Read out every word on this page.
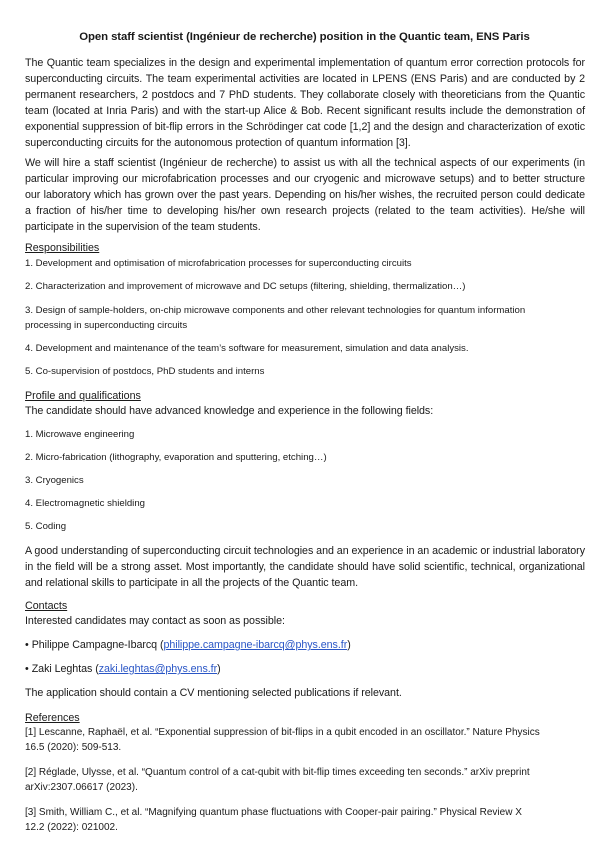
Open staff scientist (Ingénieur de recherche) position in the Quantic team, ENS Paris

The Quantic team specializes in the design and experimental implementation of quantum error correction protocols for superconducting circuits. The team experimental activities are located in LPENS (ENS Paris) and are conducted by 2 permanent researchers, 2 postdocs and 7 PhD students. They collaborate closely with theoreticians from the Quantic team (located at Inria Paris) and with the start-up Alice & Bob. Recent significant results include the demonstration of exponential suppression of bit-flip errors in the Schrödinger cat code [1,2] and the design and characterization of exotic superconducting circuits for the autonomous protection of quantum information [3].

We will hire a staff scientist (Ingénieur de recherche) to assist us with all the technical aspects of our experiments (in particular improving our microfabrication processes and our cryogenic and microwave setups) and to better structure our laboratory which has grown over the past years. Depending on his/her wishes, the recruited person could dedicate a fraction of his/her time to developing his/her own research projects (related to the team activities). He/she will participate in the supervision of the team students.

Responsibilities

1. Development and optimisation of microfabrication processes for superconducting circuits

2. Characterization and improvement of microwave and DC setups (filtering, shielding, thermalization…)

3. Design of sample-holders, on-chip microwave components and other relevant technologies for quantum information

processing in superconducting circuits

4. Development and maintenance of the team’s software for measurement, simulation and data analysis.

5. Co-supervision of postdocs, PhD students and interns

Profile and qualifications

The candidate should have advanced knowledge and experience in the following fields:

1. Microwave engineering

2. Micro-fabrication (lithography, evaporation and sputtering, etching…)

3. Cryogenics

4. Electromagnetic shielding

5. Coding

A good understanding of superconducting circuit technologies and an experience in an academic or industrial laboratory in the field will be a strong asset. Most importantly, the candidate should have solid scientific, technical, organizational and relational skills to participate in all the projects of the Quantic team.

Contacts

Interested candidates may contact as soon as possible:

• Philippe Campagne-Ibarcq (philippe.campagne-ibarcq@phys.ens.fr)

• Zaki Leghtas (zaki.leghtas@phys.ens.fr)

The application should contain a CV mentioning selected publications if relevant.

References

[1] Lescanne, Raphaël, et al. “Exponential suppression of bit-flips in a qubit encoded in an oscillator.” Nature Physics

16.5 (2020): 509-513.

[2] Réglade, Ulysse, et al. “Quantum control of a cat-qubit with bit-flip times exceeding ten seconds.” arXiv preprint

arXiv:2307.06617 (2023).

[3] Smith, William C., et al. “Magnifying quantum phase fluctuations with Cooper-pair pairing.” Physical Review X

12.2 (2022): 021002.
